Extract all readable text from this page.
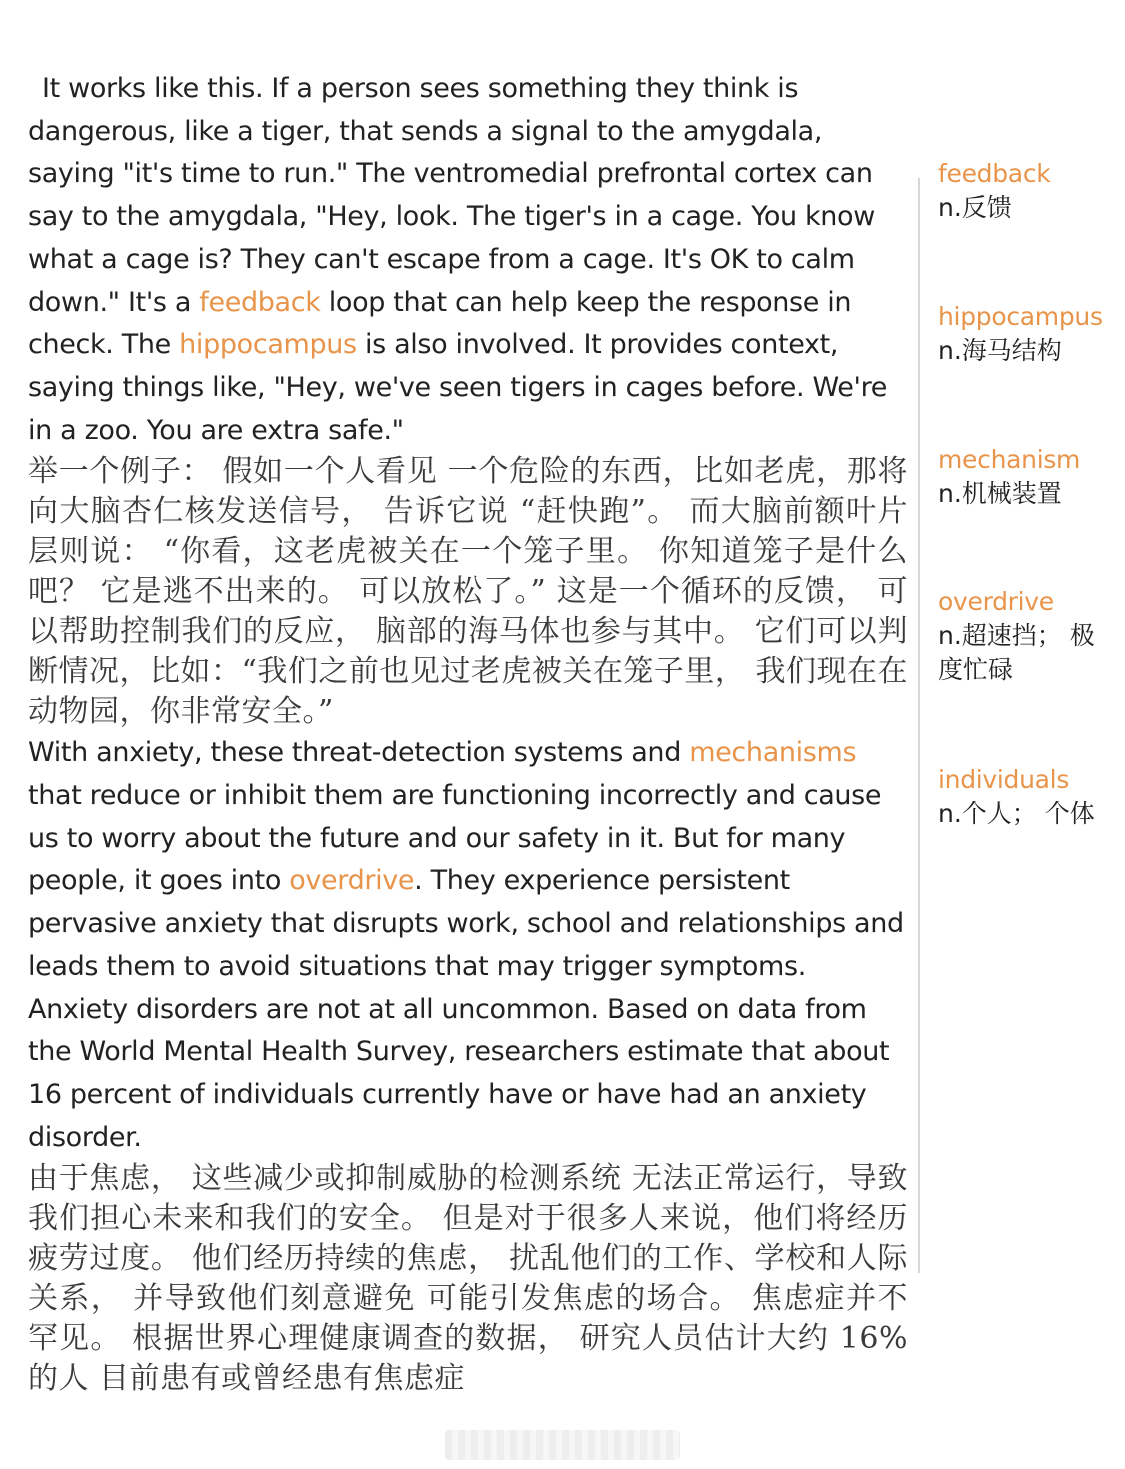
It works like this. If a person sees something they think is dangerous, like a tiger, that sends a signal to the amygdala, saying "it's time to run." The ventromedial prefrontal cortex can say to the amygdala, "Hey, look. The tiger's in a cage. You know what a cage is? They can't escape from a cage. It's OK to calm down." It's a feedback loop that can help keep the response in check. The hippocampus is also involved. It provides context, saying things like, "Hey, we've seen tigers in cages before. We're in a zoo. You are extra safe."

举一个例子： 假如一个人看见 一个危险的东西，比如老虎，那将向大脑杏仁核发送信号， 告诉它说 “赶快跑”。 而大脑前额叶片层则说： “你看，这老虎被关在一个笼子里。 你知道笼子是什么吧？ 它是逃不出来的。 可以放松了。” 这是一个循环的反馈， 可以帮助控制我们的反应， 脑部的海马体也参与其中。 它们可以判断情况，比如：“我们之前也见过老虎被关在笼子里， 我们现在在动物园，你非常安全。”

With anxiety, these threat-detection systems and mechanisms that reduce or inhibit them are functioning incorrectly and cause us to worry about the future and our safety in it. But for many people, it goes into overdrive. They experience persistent pervasive anxiety that disrupts work, school and relationships and leads them to avoid situations that may trigger symptoms. Anxiety disorders are not at all uncommon. Based on data from the World Mental Health Survey, researchers estimate that about 16 percent of individuals currently have or have had an anxiety disorder.

由于焦虑， 这些减少或抑制威胁的检测系统 无法正常运行，导致我们担心未来和我们的安全。 但是对于很多人来说，他们将经历疲劳过度。 他们经历持续的焦虑， 扰乱他们的工作、学校和人际关系， 并导致他们刻意避免 可能引发焦虑的场合。 焦虑症并不罕见。 根据世界心理健康调查的数据， 研究人员估计大约 16% 的人 目前患有或曾经患有焦虑症

feedback
n.反馈
hippocampus
n.海马结构
mechanism
n.机械装置
overdrive
n.超速挡； 极度忙碌
individuals
n.个人； 个体
